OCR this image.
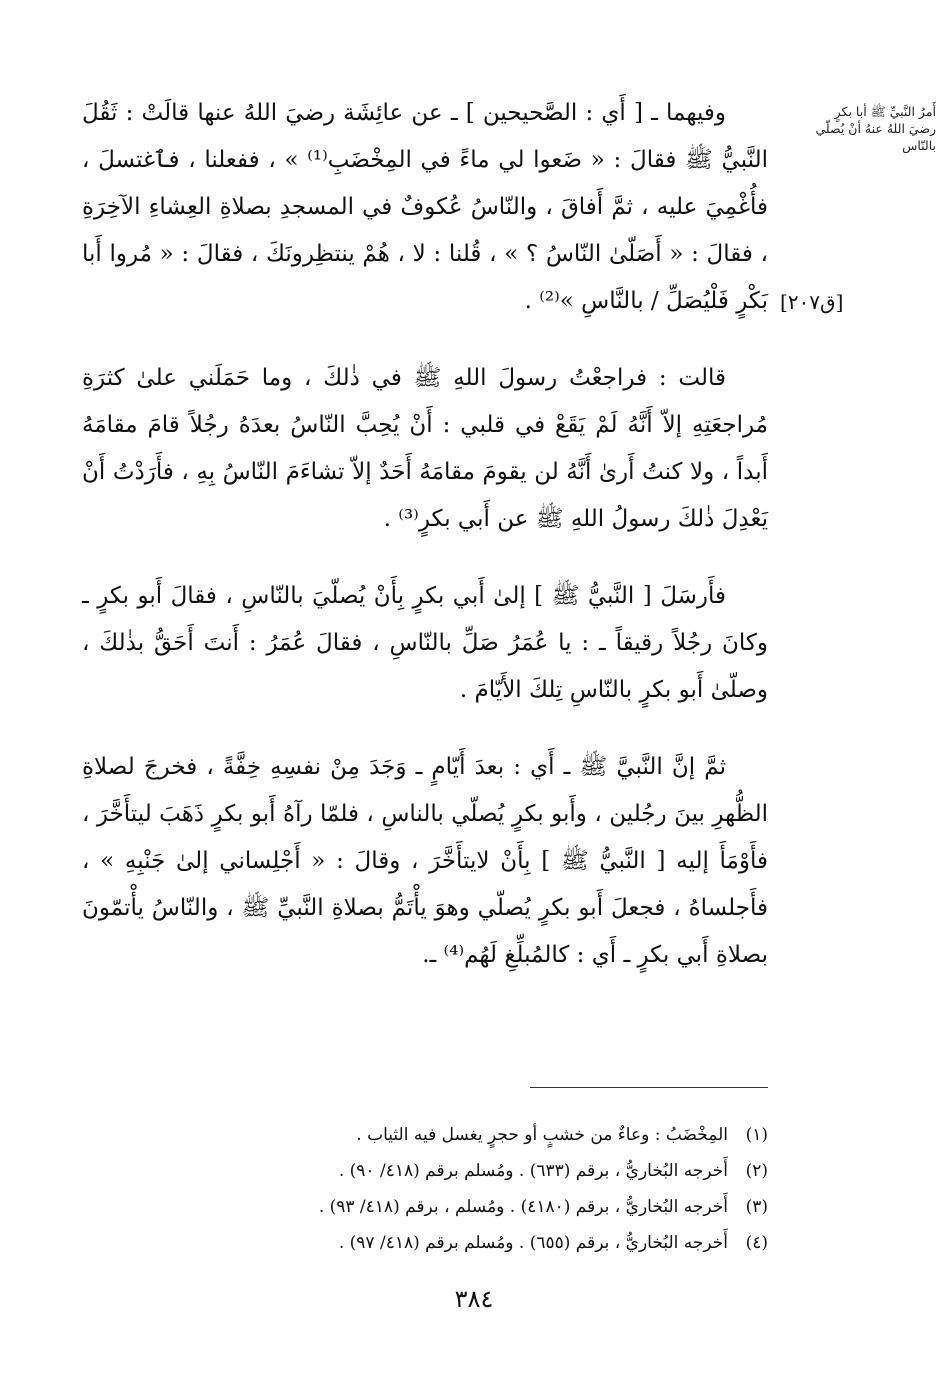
أَمرُ النَّبيِّ ﷺ أبا بكرٍ رضيَ اللهُ عنهُ أنْ يُصلّي بالنّاس
[ق٢٠٧]

وفيهما ـ [ أَي : الصَّحيحين ] ـ عن عائِشَة رضيَ اللهُ عنها قالَتْ : ثَقُلَ النَّبيُّ ﷺ فقالَ : « ضَعوا لي ماءً في المِخْضَبِ⁽¹⁾ » ، ففعلنا ، فٱغتسلَ ، فأُغْمِيَ عليه ، ثمَّ أَفاقَ ، والنّاسُ عُكوفٌ في المسجدِ بصلاةِ العِشاءِ الآخِرَةِ ، فقالَ : « أَصَلّىٰ النّاسُ ؟ » ، قُلنا : لا ، هُمْ ينتظِرونَكَ ، فقالَ : « مُروا أَبا بَكْرٍ فَلْيُصَلِّ / بالنَّاسِ »⁽²⁾ .

قالت : فراجعْتُ رسولَ اللهِ ﷺ في ذٰلكَ ، وما حَمَلَني علىٰ كثرَةِ مُراجعَتِهِ إلاّ أَنَّهُ لَمْ يَقَعْ في قلبي : أَنْ يُحِبَّ النّاسُ بعدَهُ رجُلاً قامَ مقامَهُ أَبداً ، ولا كنتُ أَرىٰ أَنَّهُ لن يقومَ مقامَهُ أَحَدٌ إلاّ تشاءَمَ النّاسُ بِهِ ، فأَرَدْتُ أَنْ يَعْدِلَ ذٰلكَ رسولُ اللهِ ﷺ عن أَبي بكرٍ⁽³⁾ .

فأَرسَلَ [ النَّبيُّ ﷺ ] إلىٰ أَبي بكرٍ بِأَنْ يُصلّيَ بالنّاسِ ، فقالَ أَبو بكرٍ ـ وكانَ رجُلاً رقيقاً ـ : يا عُمَرُ صَلِّ بالنّاسِ ، فقالَ عُمَرُ : أَنتَ أَحَقُّ بذٰلكَ ، وصلّىٰ أَبو بكرٍ بالنّاسِ تِلكَ الأَيّامَ .

ثمَّ إنَّ النَّبيَّ ﷺ ـ أَي : بعدَ أَيّامٍ ـ وَجَدَ مِنْ نفسِهِ خِفَّةً ، فخرجَ لصلاةِ الظُّهرِ بينَ رجُلين ، وأَبو بكرٍ يُصلّي بالناسِ ، فلمّا رآهُ أَبو بكرٍ ذَهَبَ ليتأَخَّرَ ، فأَوْمَأَ إليه [ النَّبيُّ ﷺ ] بِأَنْ لايتأَخَّرَ ، وقالَ : « أَجْلِساني إلىٰ جَنْبِهِ » ، فأَجلساهُ ، فجعلَ أَبو بكرٍ يُصلّي وهوَ يأْتَمُّ بصلاةِ النَّبيِّ ﷺ ، والنّاسُ يأْتمّونَ بصلاةِ أَبي بكرٍ ـ أَي : كالمُبلِّغِ لَهُم⁽⁴⁾ ـ.

(١)
المِخْضَبُ : وعاءٌ من خشبٍ أو حجرٍ يغسل فيه الثياب .
(٢)
أَخرجه البُخاريُّ ، برقم (٦٣٣) . ومُسلم برقم (٤١٨/ ٩٠) .
(٣)
أَخرجه البُخاريُّ ، برقم (٤١٨٠) . ومُسلم ، برقم (٤١٨/ ٩٣) .
(٤)
أَخرجه البُخاريُّ ، برقم (٦٥٥) . ومُسلم برقم (٤١٨/ ٩٧) .
٣٨٤
